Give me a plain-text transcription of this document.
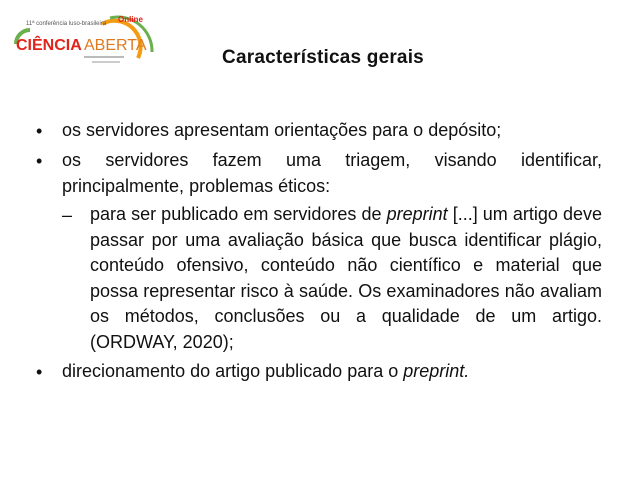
11ª conferência luso-brasileira Online
CIÊNCIA ABERTA
Características gerais
•	os servidores apresentam orientações para o depósito;
•	os servidores fazem uma triagem, visando identificar, principalmente, problemas éticos:
– para ser publicado em servidores de preprint [...] um artigo deve passar por uma avaliação básica que busca identificar plágio, conteúdo ofensivo, conteúdo não científico e material que possa representar risco à saúde. Os examinadores não avaliam os métodos, conclusões ou a qualidade de um artigo. (ORDWAY, 2020);
•	direcionamento do artigo publicado para o preprint.
